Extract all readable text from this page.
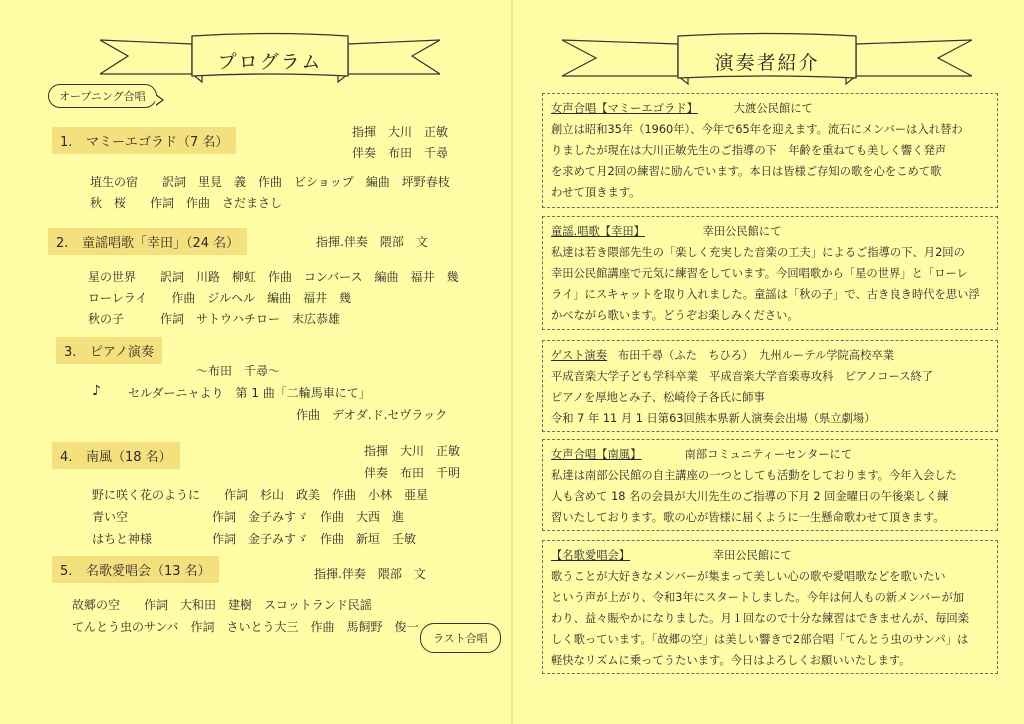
プログラム
オープニング合唱
1. マミーエゴラド（7 名）
指揮　大川　正敏
伴奏　布田　千尋
埴生の宿　　訳詞　里見　義　作曲　ビショップ　編曲　坪野春枝
秋　桜　　作詞　作曲　さだまさし
2. 童謡唱歌「幸田」（24 名）	指揮.伴奏　隈部　文
星の世界　　訳詞　川路　柳虹　作曲　コンバース　編曲　福井　幾
ローレライ　　作曲　ジルヘル　編曲　福井　幾
秋の子　　　作詞　サトウハチロー　末広恭雄
3. ピアノ演奏
～布田　千尋～
♪ セルダーニャより　第 1 曲「二輪馬車にて」
作曲　デオダ.ド.セヴラック
4. 南風（18 名）	指揮　大川　正敏
伴奏　布田　千明
野に咲く花のように　　作詞　杉山　政美　作曲　小林　亜星
青い空　　　　　　　作詞　金子みすゞ　作曲　大西　進
はちと神様　　　　　作詞　金子みすゞ　作曲　新垣　壬敏
5. 名歌愛唱会（13 名）	指揮.伴奏　隈部　文
故郷の空　　作詞　大和田　建樹　スコットランド民謡
てんとう虫のサンバ　作詞　さいとう大三　作曲　馬飼野　俊一
ラスト合唱
演奏者紹介
女声合唱【マミーエゴラド】	大渡公民館にて
創立は昭和35年（1960年）、今年で65年を迎えます。流石にメンバーは入れ替わ
りましたが現在は大川正敏先生のご指導の下　年齢を重ねても美しく響く発声
を求めて月2回の練習に励んでいます。本日は皆様ご存知の歌を心をこめて歌
わせて頂きます。
童謡.唱歌【幸田】	幸田公民館にて
私達は若き隈部先生の「楽しく充実した音楽の工夫」によるご指導の下、月2回の
幸田公民館講座で元気に練習をしています。今回唱歌から「星の世界」と「ローレ
ライ」にスキャットを取り入れました。童謡は「秋の子」で、古き良き時代を思い浮
かべながら歌います。どうぞお楽しみください。
ゲスト演奏 布田千尋（ふた　ちひろ）　九州ルーテル学院高校卒業
平成音楽大学子ども学科卒業　平成音楽大学音楽専攻科　ピアノコース終了
ピアノを厚地とみ子、松崎伶子各氏に師事
令和 7 年 11 月 1 日第63回熊本県新人演奏会出場（県立劇場）
女声合唱【南風】	南部コミュニティーセンターにて
私達は南部公民館の自主講座の一つとしても活動をしております。今年入会した
人も含めて 18 名の会員が大川先生のご指導の下月 2 回金曜日の午後楽しく練
習いたしております。歌の心が皆様に届くように一生懸命歌わせて頂きます。
【名歌愛唱会】	幸田公民館にて
歌うことが大好きなメンバーが集まって美しい心の歌や愛唱歌などを歌いたい
という声が上がり、令和3年にスタートしました。今年は何人もの新メンバーが加
わり、益々賑やかになりました。月１回なので十分な練習はできませんが、毎回楽
しく歌っています。「故郷の空」は美しい響きで2部合唱「てんとう虫のサンパ」は
軽快なリズムに乗ってうたいます。今日はよろしくお願いいたします。
